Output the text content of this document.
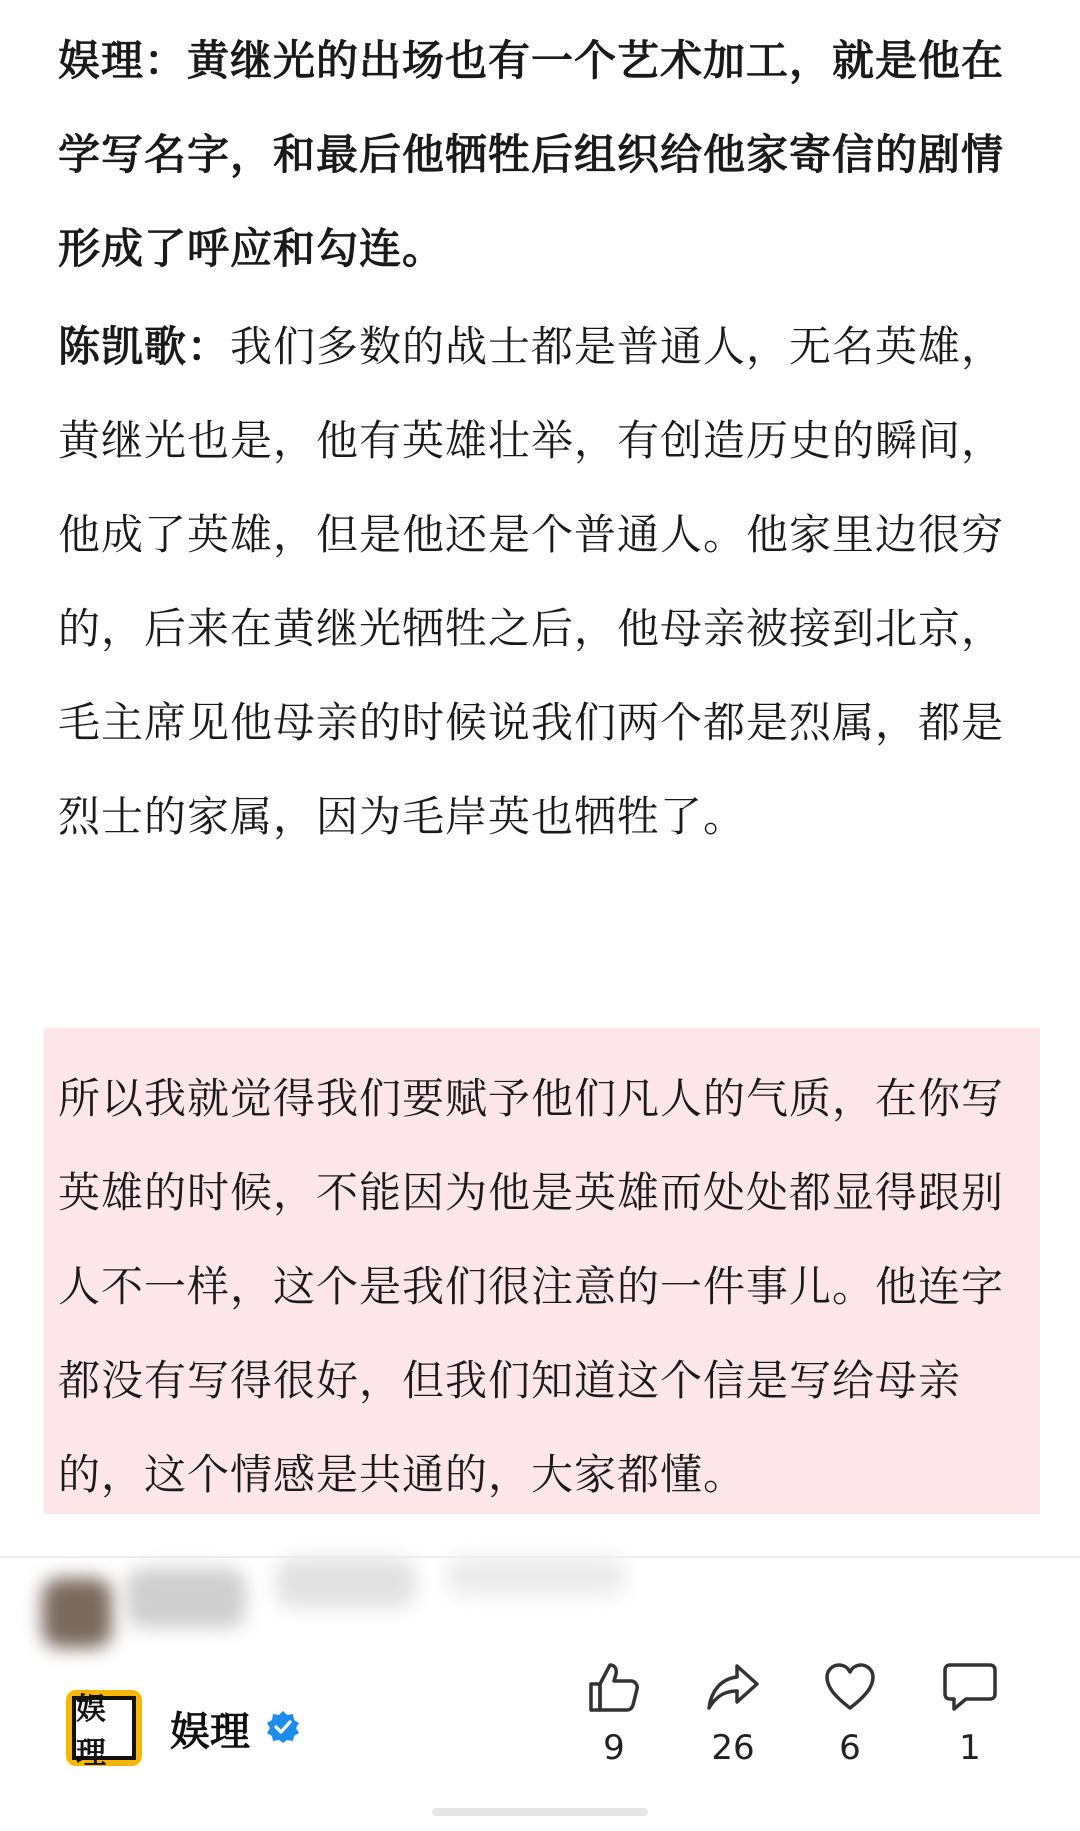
娱理：黄继光的出场也有一个艺术加工，就是他在学写名字，和最后他牺牲后组织给他家寄信的剧情形成了呼应和勾连。

陈凯歌：我们多数的战士都是普通人，无名英雄，黄继光也是，他有英雄壮举，有创造历史的瞬间，他成了英雄，但是他还是个普通人。他家里边很穷的，后来在黄继光牺牲之后，他母亲被接到北京，毛主席见他母亲的时候说我们两个都是烈属，都是烈士的家属，因为毛岸英也牺牲了。

所以我就觉得我们要赋予他们凡人的气质，在你写英雄的时候，不能因为他是英雄而处处都显得跟别人不一样，这个是我们很注意的一件事儿。他连字都没有写得很好，但我们知道这个信是写给母亲的，这个情感是共通的，大家都懂。

娱理	娱理	9	26	6	1
